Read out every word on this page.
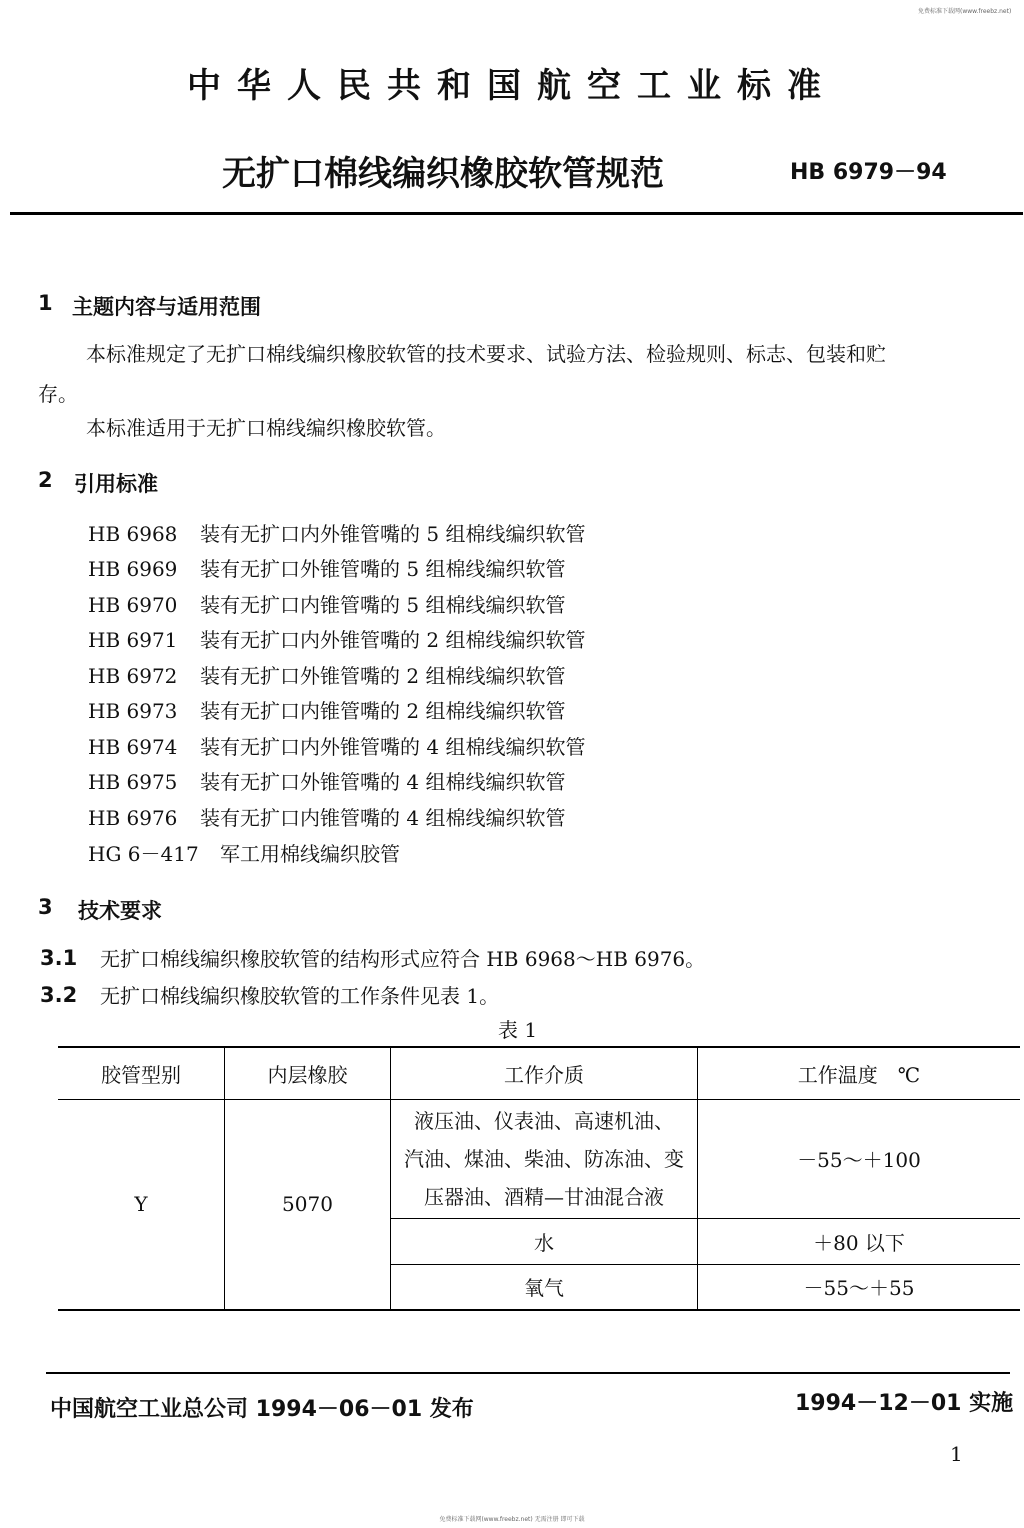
免费标准下载网(www.freebz.net)
免费标准下载网(www.freebz.net) 无需注册 即可下载
中华人民共和国航空工业标准
无扩口棉线编织橡胶软管规范	HB 6979－94
1 主题内容与适用范围
本标准规定了无扩口棉线编织橡胶软管的技术要求、试验方法、检验规则、标志、包装和贮
存。
本标准适用于无扩口棉线编织橡胶软管。
2 引用标准
HB 6968 装有无扩口内外锥管嘴的 5 组棉线编织软管
HB 6969 装有无扩口外锥管嘴的 5 组棉线编织软管
HB 6970 装有无扩口内锥管嘴的 5 组棉线编织软管
HB 6971 装有无扩口内外锥管嘴的 2 组棉线编织软管
HB 6972 装有无扩口外锥管嘴的 2 组棉线编织软管
HB 6973 装有无扩口内锥管嘴的 2 组棉线编织软管
HB 6974 装有无扩口内外锥管嘴的 4 组棉线编织软管
HB 6975 装有无扩口外锥管嘴的 4 组棉线编织软管
HB 6976 装有无扩口内锥管嘴的 4 组棉线编织软管
HG 6－417 军工用棉线编织胶管
3 技术要求
3.1 无扩口棉线编织橡胶软管的结构形式应符合 HB 6968～HB 6976。
3.2 无扩口棉线编织橡胶软管的工作条件见表 1。
表 1
胶管型别	内层橡胶	工作介质	工作温度　℃
Y	5070	液压油、仪表油、高速机油、
汽油、煤油、柴油、防冻油、变
压器油、酒精—甘油混合液	－55～＋100
		水	＋80 以下
		氧气	－55～＋55
中国航空工业总公司 1994－06－01 发布	1994－12－01 实施
1
